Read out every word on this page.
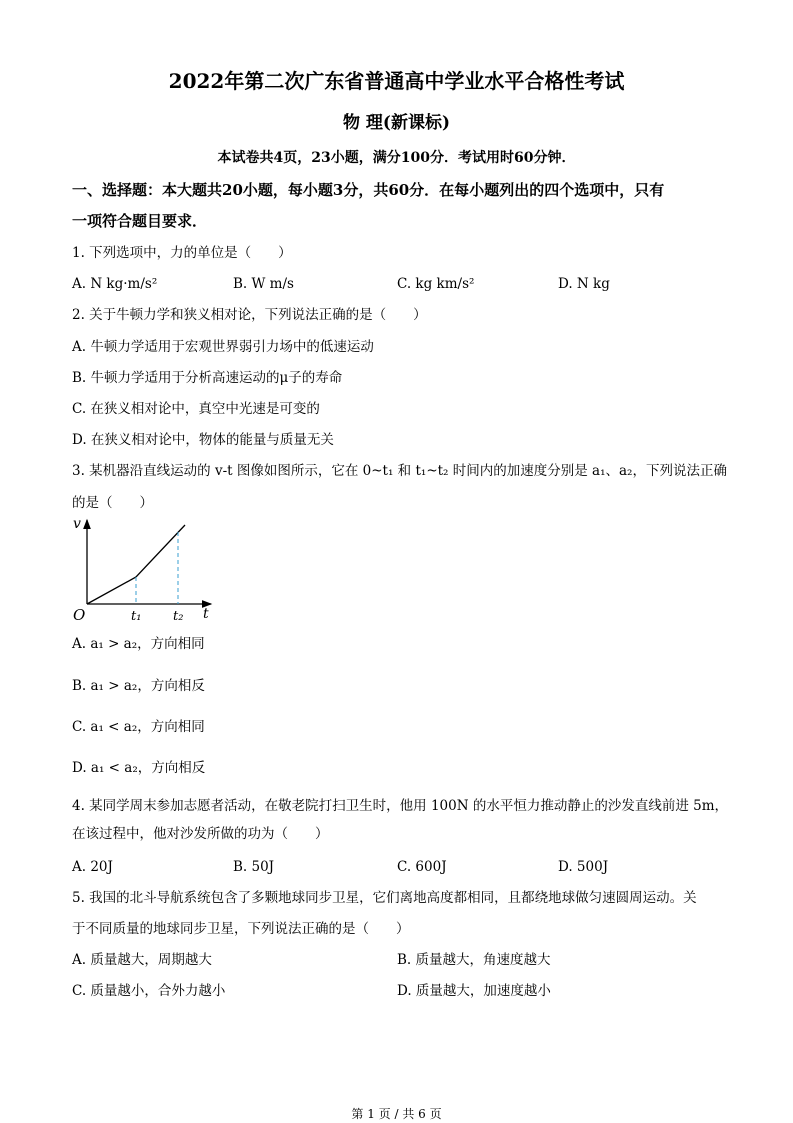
2022年第二次广东省普通高中学业水平合格性考试
物 理(新课标)
本试卷共4页，23小题，满分100分．考试用时60分钟．
一、选择题：本大题共20小题，每小题3分，共60分．在每小题列出的四个选项中，只有
一项符合题目要求．
1. 下列选项中，力的单位是（　　）
A. N kg·m/s²	B. W m/s	C. kg km/s²	D. N kg
2. 关于牛顿力学和狭义相对论，下列说法正确的是（　　）
A. 牛顿力学适用于宏观世界弱引力场中的低速运动
B. 牛顿力学适用于分析高速运动的μ子的寿命
C. 在狭义相对论中，真空中光速是可变的
D. 在狭义相对论中，物体的能量与质量无关
3. 某机器沿直线运动的 v-t 图像如图所示，它在 0~t₁ 和 t₁~t₂ 时间内的加速度分别是 a₁、a₂，下列说法正确
的是（　　）
v
t
O	t₁ t₂
A. a₁ > a₂，方向相同
B. a₁ > a₂，方向相反
C. a₁ < a₂，方向相同
D. a₁ < a₂，方向相反
4. 某同学周末参加志愿者活动，在敬老院打扫卫生时，他用 100N 的水平恒力推动静止的沙发直线前进 5m，
在该过程中，他对沙发所做的功为（　　）
A. 20J	B. 50J	C. 600J	D. 500J
5. 我国的北斗导航系统包含了多颗地球同步卫星，它们离地高度都相同，且都绕地球做匀速圆周运动。关
于不同质量的地球同步卫星，下列说法正确的是（　　）
A. 质量越大，周期越大	B. 质量越大，角速度越大
C. 质量越小，合外力越小	D. 质量越大，加速度越小
第 1 页 / 共 6 页
